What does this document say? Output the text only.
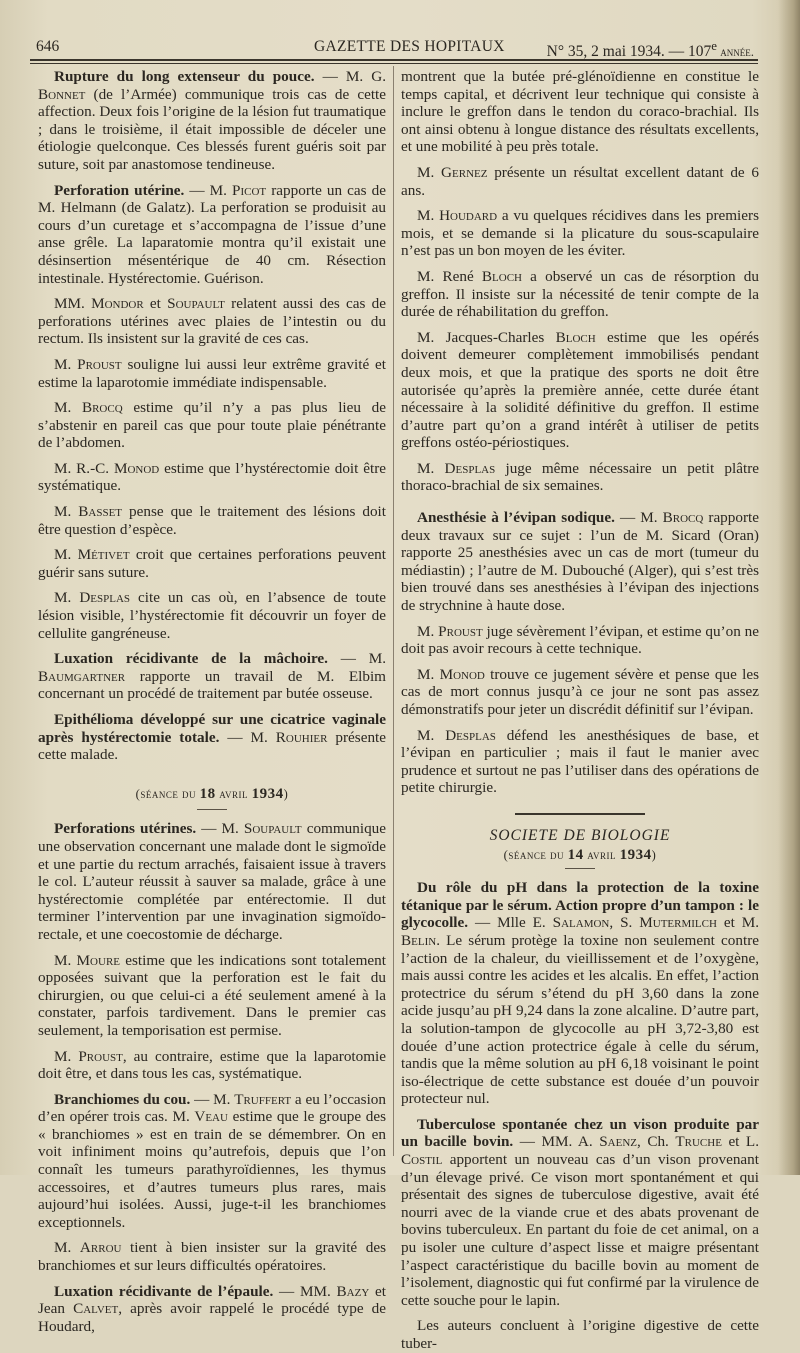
646	GAZETTE DES HOPITAUX	N° 35, 2 mai 1934. — 107e année.

Rupture du long extenseur du pouce. — M. G. Bonnet (de l’Armée) communique trois cas de cette affection. Deux fois l’origine de la lésion fut traumatique ; dans le troisième, il était impossible de déceler une étiologie quelconque. Ces blessés furent guéris soit par suture, soit par anastomose tendineuse.

Perforation utérine. — M. Picot rapporte un cas de M. Helmann (de Galatz). La perforation se produisit au cours d’un curetage et s’accompagna de l’issue d’une anse grêle. La laparatomie montra qu’il existait une désinsertion mésentérique de 40 cm. Résection intestinale. Hystérectomie. Guérison.

MM. Mondor et Soupault relatent aussi des cas de perforations utérines avec plaies de l’intestin ou du rectum. Ils insistent sur la gravité de ces cas.

M. Proust souligne lui aussi leur extrême gravité et estime la laparotomie immédiate indispensable.

M. Brocq estime qu’il n’y a pas plus lieu de s’abstenir en pareil cas que pour toute plaie pénétrante de l’abdomen.

M. R.-C. Monod estime que l’hystérectomie doit être systématique.

M. Basset pense que le traitement des lésions doit être question d’espèce.

M. Métivet croit que certaines perforations peuvent guérir sans suture.

M. Desplas cite un cas où, en l’absence de toute lésion visible, l’hystérectomie fit découvrir un foyer de cellulite gangréneuse.

Luxation récidivante de la mâchoire. — M. Baumgartner rapporte un travail de M. Elbim concernant un procédé de traitement par butée osseuse.

Epithélioma développé sur une cicatrice vaginale après hystérectomie totale. — M. Rouhier présente cette malade.

(séance du 18 avril 1934)

Perforations utérines. — M. Soupault communique une observation concernant une malade dont le sigmoïde et une partie du rectum arrachés, faisaient issue à travers le col. L’auteur réussit à sauver sa malade, grâce à une hystérectomie complétée par entérectomie. Il dut terminer l’intervention par une invagination sigmoïdo-rectale, et une coecostomie de décharge.

M. Moure estime que les indications sont totalement opposées suivant que la perforation est le fait du chirurgien, ou que celui-ci a été seulement amené à la constater, parfois tardivement. Dans le premier cas seulement, la temporisation est permise.

M. Proust, au contraire, estime que la laparotomie doit être, et dans tous les cas, systématique.

Branchiomes du cou. — M. Truffert a eu l’occasion d’en opérer trois cas. M. Veau estime que le groupe des « branchiomes » est en train de se démembrer. On en voit infiniment moins qu’autrefois, depuis que l’on connaît les tumeurs parathyroïdiennes, les thymus accessoires, et d’autres tumeurs plus rares, mais aujourd’hui isolées. Aussi, juge-t-il les branchiomes exceptionnels.

M. Arrou tient à bien insister sur la gravité des branchiomes et sur leurs difficultés opératoires.

Luxation récidivante de l’épaule. — MM. Bazy et Jean Calvet, après avoir rappelé le procédé type de Houdard,

montrent que la butée pré-glénoïdienne en constitue le temps capital, et décrivent leur technique qui consiste à inclure le greffon dans le tendon du coraco-brachial. Ils ont ainsi obtenu à longue distance des résultats excellents, et une mobilité à peu près totale.

M. Gernez présente un résultat excellent datant de 6 ans.

M. Houdard a vu quelques récidives dans les premiers mois, et se demande si la plicature du sous-scapulaire n’est pas un bon moyen de les éviter.

M. René Bloch a observé un cas de résorption du greffon. Il insiste sur la nécessité de tenir compte de la durée de réhabilitation du greffon.

M. Jacques-Charles Bloch estime que les opérés doivent demeurer complètement immobilisés pendant deux mois, et que la pratique des sports ne doit être autorisée qu’après la première année, cette durée étant nécessaire à la solidité définitive du greffon. Il estime d’autre part qu’on a grand intérêt à utiliser de petits greffons ostéo-périostiques.

M. Desplas juge même nécessaire un petit plâtre thoraco-brachial de six semaines.

Anesthésie à l’évipan sodique. — M. Brocq rapporte deux travaux sur ce sujet : l’un de M. Sicard (Oran) rapporte 25 anesthésies avec un cas de mort (tumeur du médiastin) ; l’autre de M. Dubouché (Alger), qui s’est très bien trouvé dans ses anesthésies à l’évipan des injections de strychnine à haute dose.

M. Proust juge sévèrement l’évipan, et estime qu’on ne doit pas avoir recours à cette technique.

M. Monod trouve ce jugement sévère et pense que les cas de mort connus jusqu’à ce jour ne sont pas assez démonstratifs pour jeter un discrédit définitif sur l’évipan.

M. Desplas défend les anesthésiques de base, et l’évipan en particulier ; mais il faut le manier avec prudence et surtout ne pas l’utiliser dans des opérations de petite chirurgie.

SOCIETE DE BIOLOGIE
(séance du 14 avril 1934)

Du rôle du pH dans la protection de la toxine tétanique par le sérum. Action propre d’un tampon : le glycocolle. — Mlle E. Salamon, S. Mutermilch et M. Belin. Le sérum protège la toxine non seulement contre l’action de la chaleur, du vieillissement et de l’oxygène, mais aussi contre les acides et les alcalis. En effet, l’action protectrice du sérum s’étend du pH 3,60 dans la zone acide jusqu’au pH 9,24 dans la zone alcaline. D’autre part, la solution-tampon de glycocolle au pH 3,72-3,80 est douée d’une action protectrice égale à celle du sérum, tandis que la même solution au pH 6,18 voisinant le point iso-électrique de cette substance est douée d’un pouvoir protecteur nul.

Tuberculose spontanée chez un vison produite par un bacille bovin. — MM. A. Saenz, Ch. Truche et L. Costil apportent un nouveau cas d’un vison provenant d’un élevage privé. Ce vison mort spontanément et qui présentait des signes de tuberculose digestive, avait été nourri avec de la viande crue et des abats provenant de bovins tuberculeux. En partant du foie de cet animal, on a pu isoler une culture d’aspect lisse et maigre présentant l’aspect caractéristique du bacille bovin au moment de l’isolement, diagnostic qui fut confirmé par la virulence de cette souche pour le lapin.

Les auteurs concluent à l’origine digestive de cette tuber-
